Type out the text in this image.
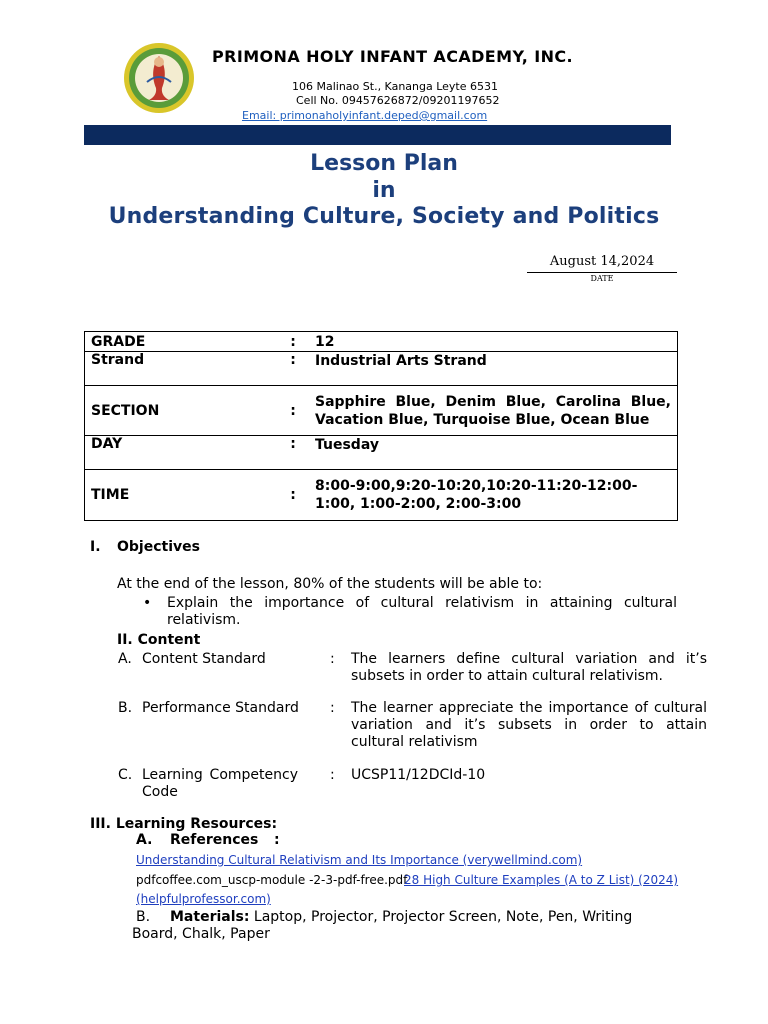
PRIMONA HOLY INFANT ACADEMY, INC.
106 Malinao St., Kananga Leyte 6531
Cell No. 09457626872/09201197652
Email: primonaholyinfant.deped@gmail.com
Lesson Plan
in
Understanding Culture, Society and Politics
August 14,2024
DATE
GRADE	:	12
Strand	:	Industrial Arts Strand
SECTION	:	Sapphire Blue, Denim Blue, Carolina Blue, Vacation Blue, Turquoise Blue, Ocean Blue
DAY	:	Tuesday
TIME	:	8:00-9:00,9:20-10:20,10:20-11:20-12:00-1:00, 1:00-2:00, 2:00-3:00
I. Objectives
At the end of the lesson, 80% of the students will be able to:
• Explain the importance of cultural relativism in attaining cultural relativism.
II. Content
A. Content Standard	: The learners define cultural variation and it’s subsets in order to attain cultural relativism.
B. Performance Standard : The learner appreciate the importance of cultural variation and it’s subsets in order to attain cultural relativism
C. Learning Competency Code
: UCSP11/12DCId-10
III. Learning Resources:
A. References :
Understanding Cultural Relativism and Its Importance (verywellmind.com)
pdfcoffee.com_uscp-module -2-3-pdf-free.pdf
28 High Culture Examples (A to Z List) (2024)
(helpfulprofessor.com)
B.	Materials: Laptop, Projector, Projector Screen, Note, Pen, Writing Board, Chalk, Paper
